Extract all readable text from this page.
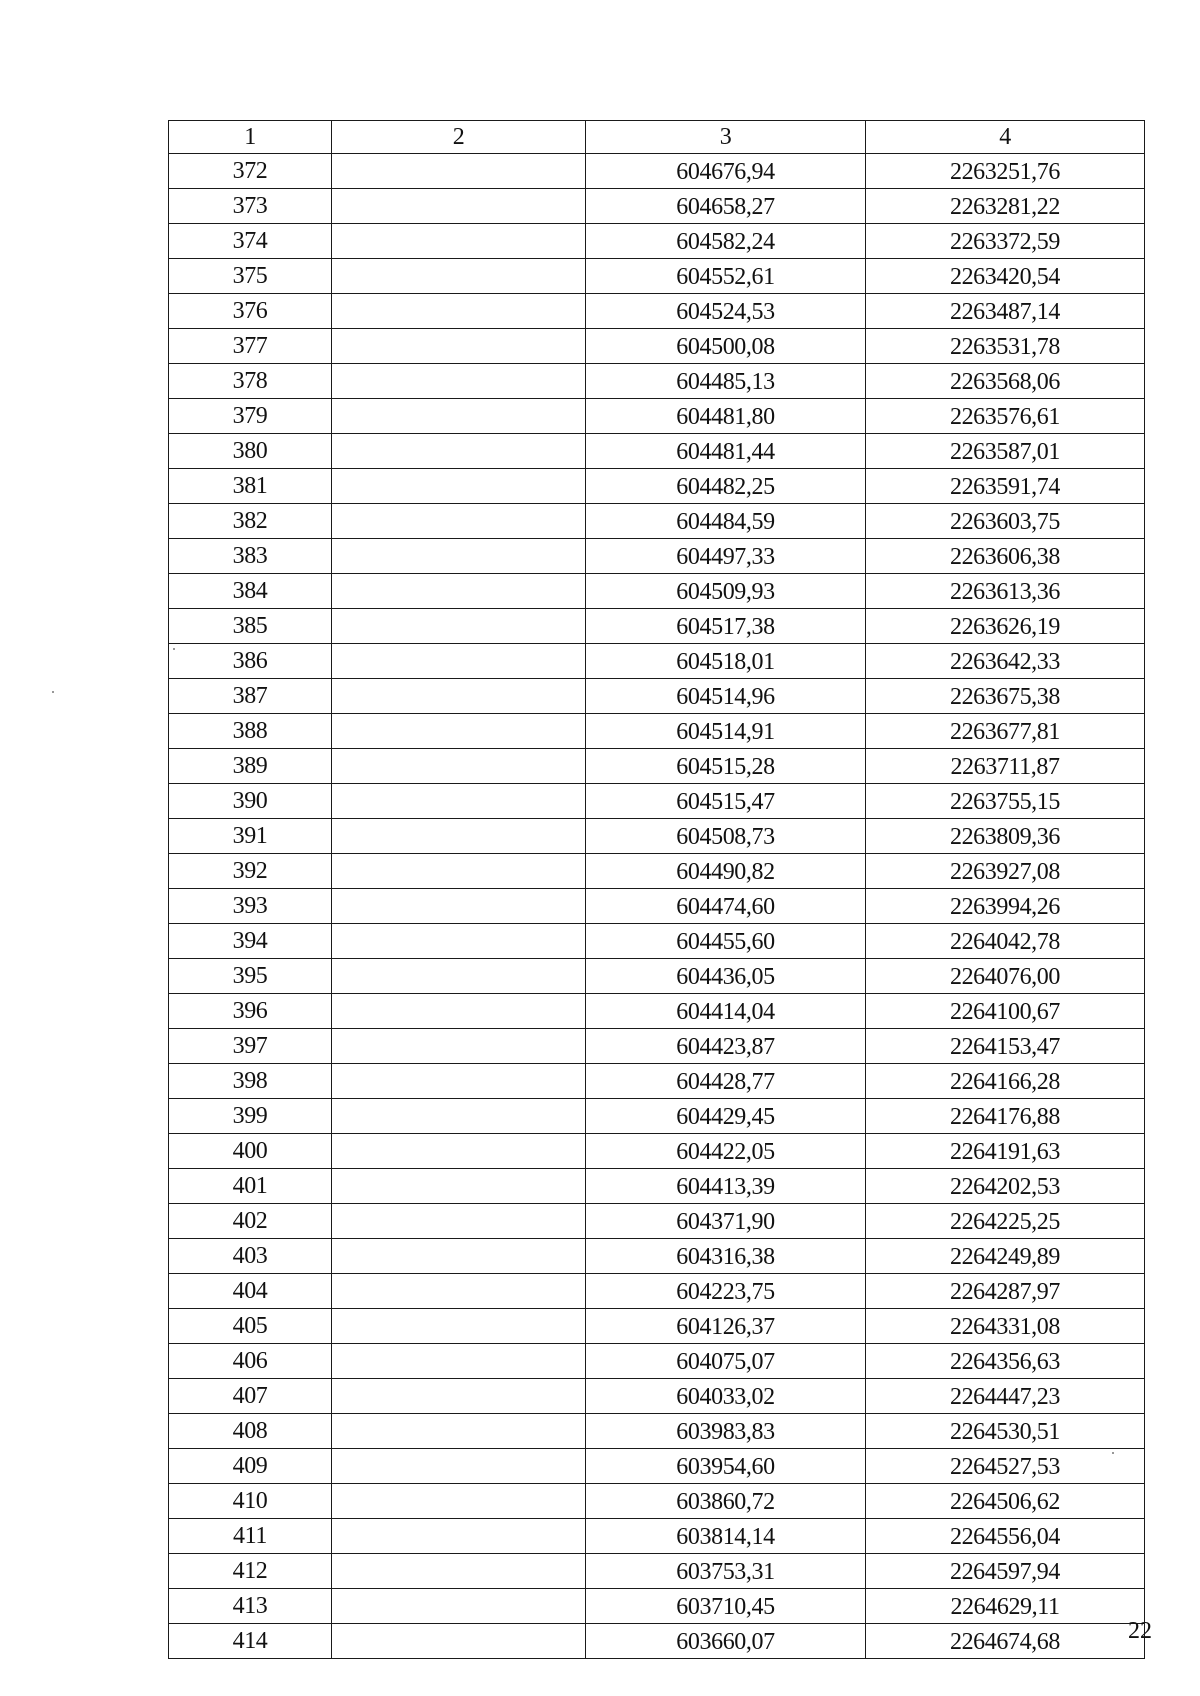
1	2	3	4
372		604676,94	2263251,76
373		604658,27	2263281,22
374		604582,24	2263372,59
375		604552,61	2263420,54
376		604524,53	2263487,14
377		604500,08	2263531,78
378		604485,13	2263568,06
379		604481,80	2263576,61
380		604481,44	2263587,01
381		604482,25	2263591,74
382		604484,59	2263603,75
383		604497,33	2263606,38
384		604509,93	2263613,36
385		604517,38	2263626,19
386		604518,01	2263642,33
387		604514,96	2263675,38
388		604514,91	2263677,81
389		604515,28	2263711,87
390		604515,47	2263755,15
391		604508,73	2263809,36
392		604490,82	2263927,08
393		604474,60	2263994,26
394		604455,60	2264042,78
395		604436,05	2264076,00
396		604414,04	2264100,67
397		604423,87	2264153,47
398		604428,77	2264166,28
399		604429,45	2264176,88
400		604422,05	2264191,63
401		604413,39	2264202,53
402		604371,90	2264225,25
403		604316,38	2264249,89
404		604223,75	2264287,97
405		604126,37	2264331,08
406		604075,07	2264356,63
407		604033,02	2264447,23
408		603983,83	2264530,51
409		603954,60	2264527,53
410		603860,72	2264506,62
411		603814,14	2264556,04
412		603753,31	2264597,94
413		603710,45	2264629,11
414		603660,07	2264674,68	22
